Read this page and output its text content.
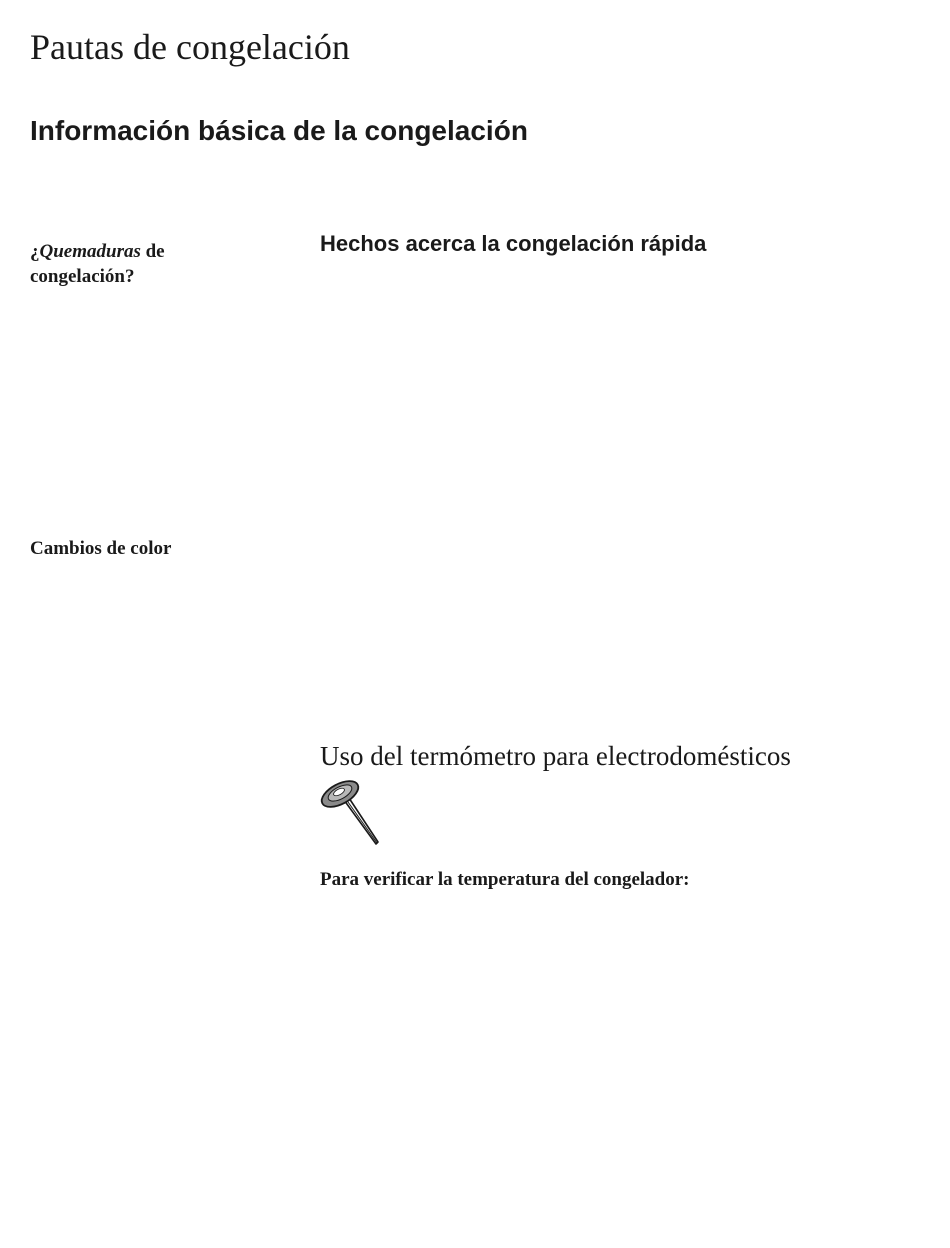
Pautas de congelación
Información básica de la congelación
¿Quemaduras de congelación?
Hechos acerca la congelación rápida
Cambios de color
Uso del termómetro para electrodomésticos
Para verificar la temperatura del congelador:
